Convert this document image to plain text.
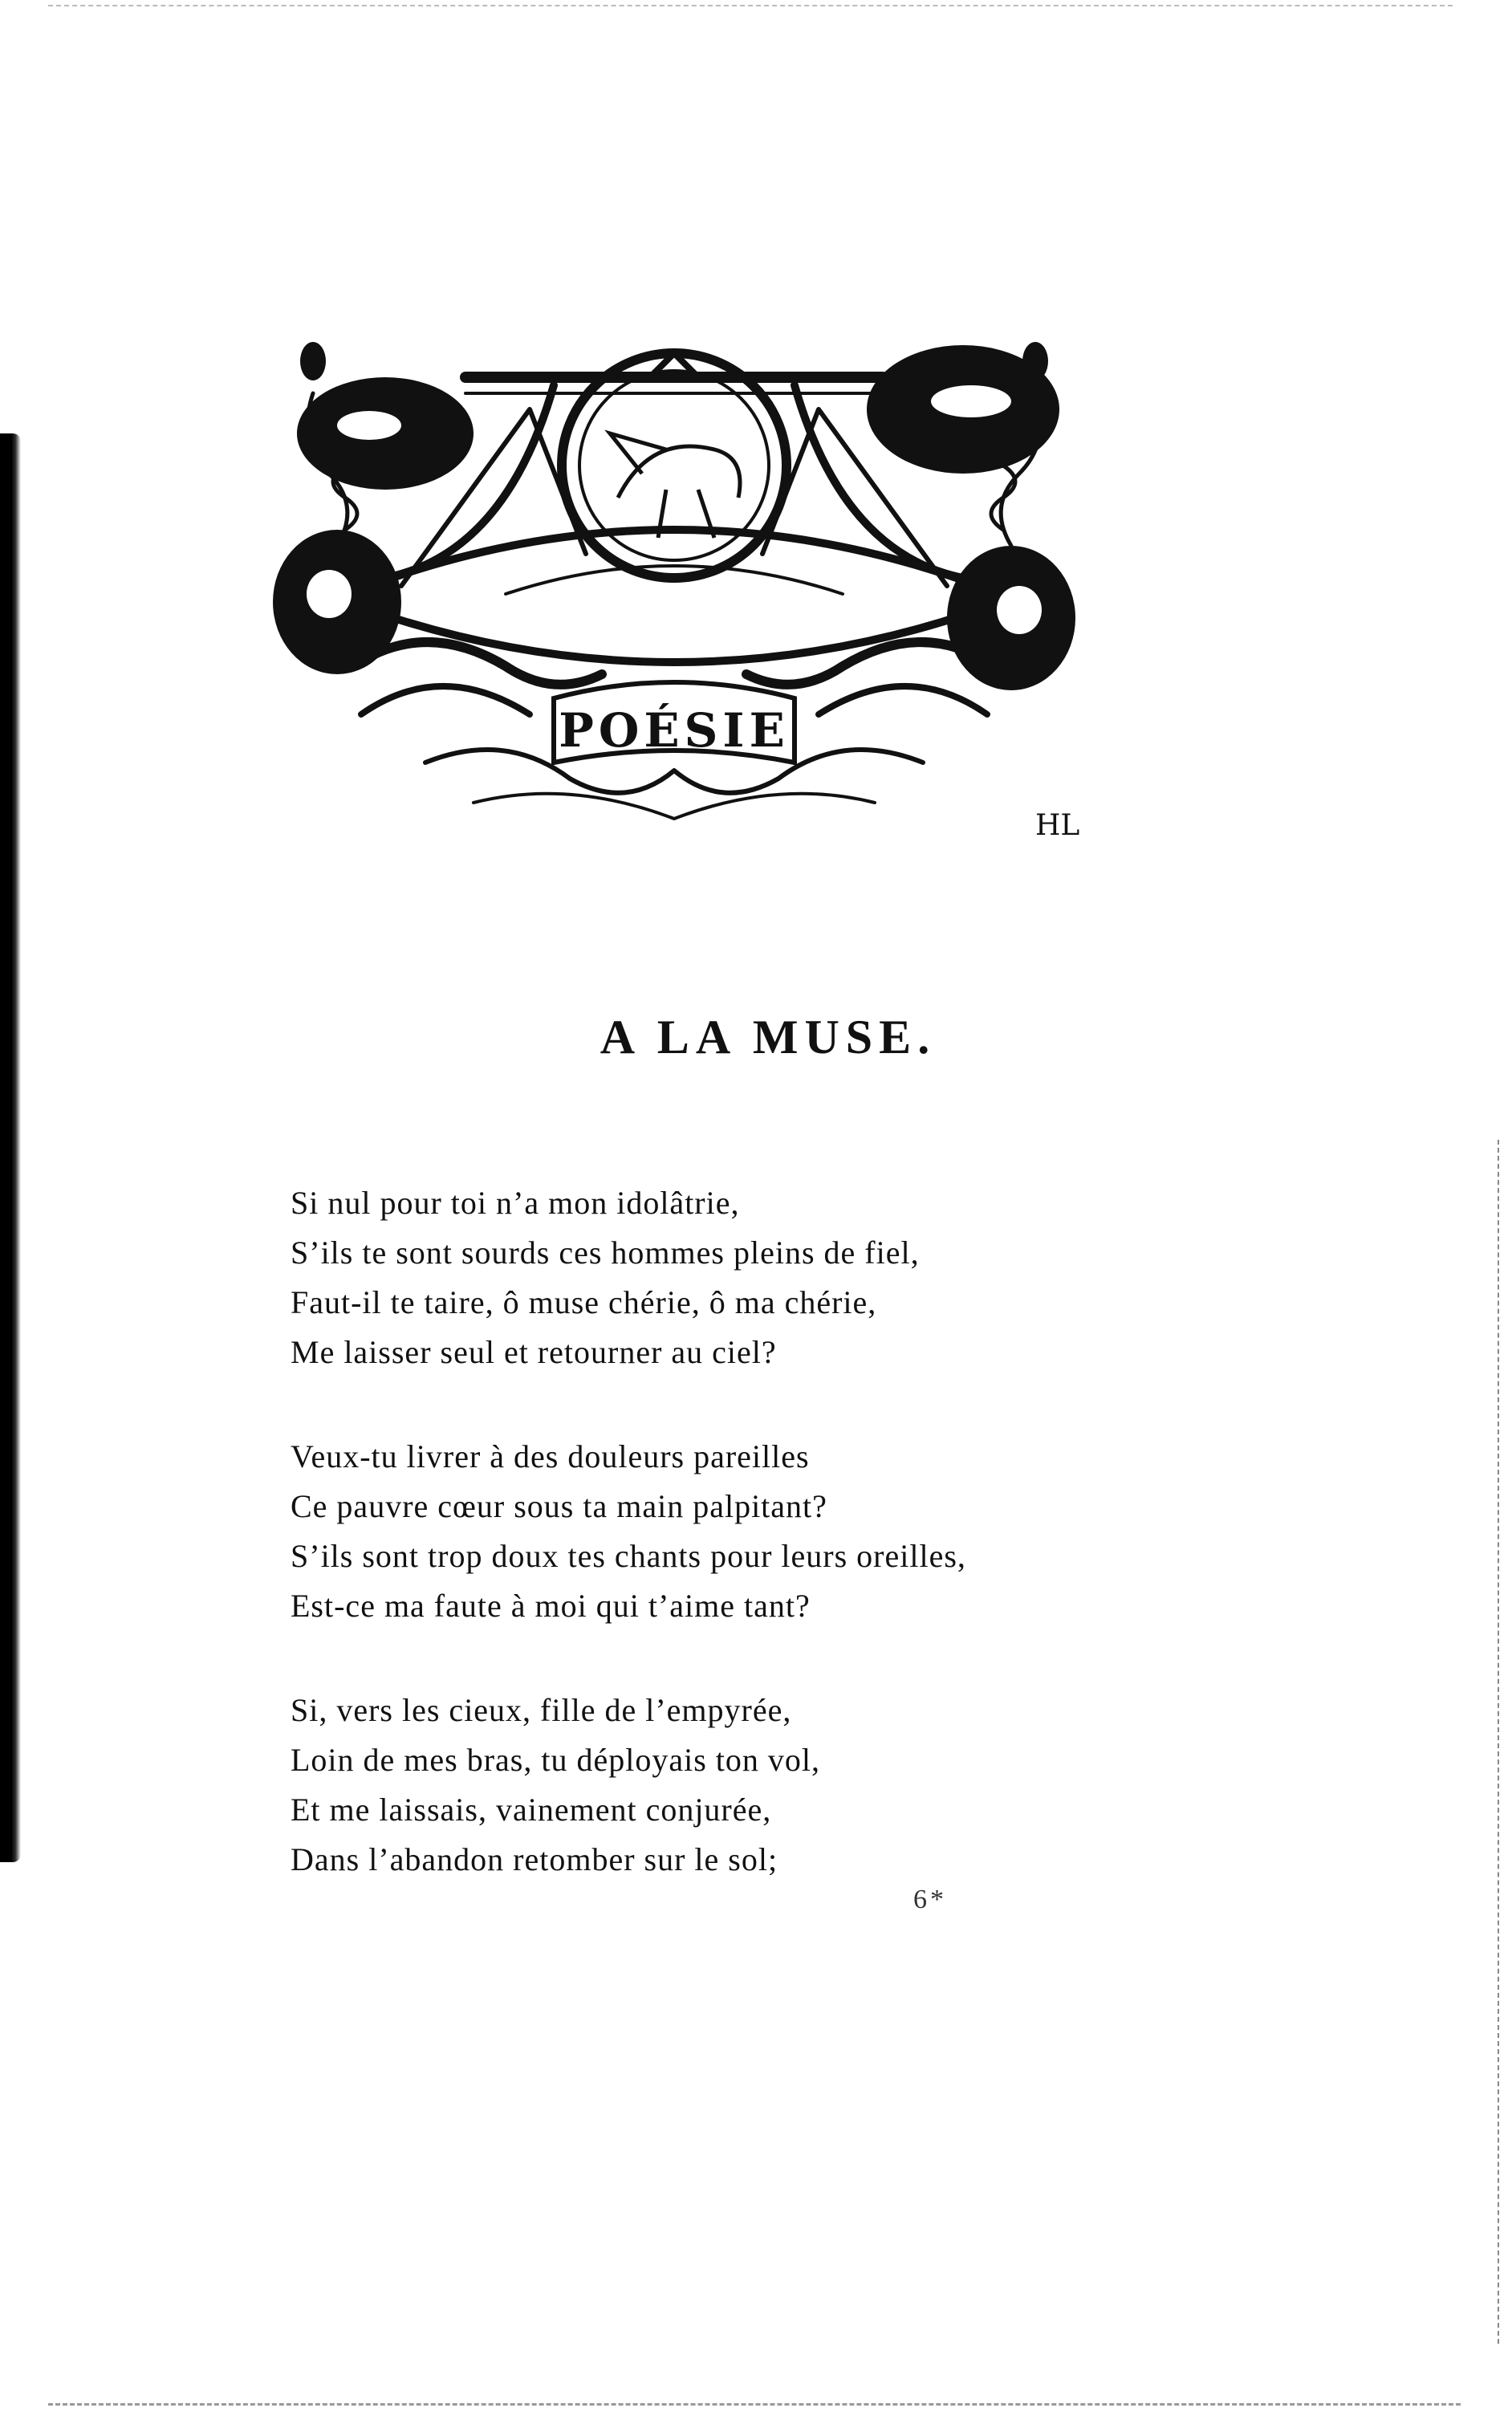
POÉSIE
HL
A LA MUSE.
Si nul pour toi n’a mon idolâtrie,
S’ils te sont sourds ces hommes pleins de fiel,
Faut-il te taire, ô muse chérie, ô ma chérie,
Me laisser seul et retourner au ciel?
Veux-tu livrer à des douleurs pareilles
Ce pauvre cœur sous ta main palpitant?
S’ils sont trop doux tes chants pour leurs oreilles,
Est-ce ma faute à moi qui t’aime tant?
Si, vers les cieux, fille de l’empyrée,
Loin de mes bras, tu déployais ton vol,
Et me laissais, vainement conjurée,
Dans l’abandon retomber sur le sol;
6*
